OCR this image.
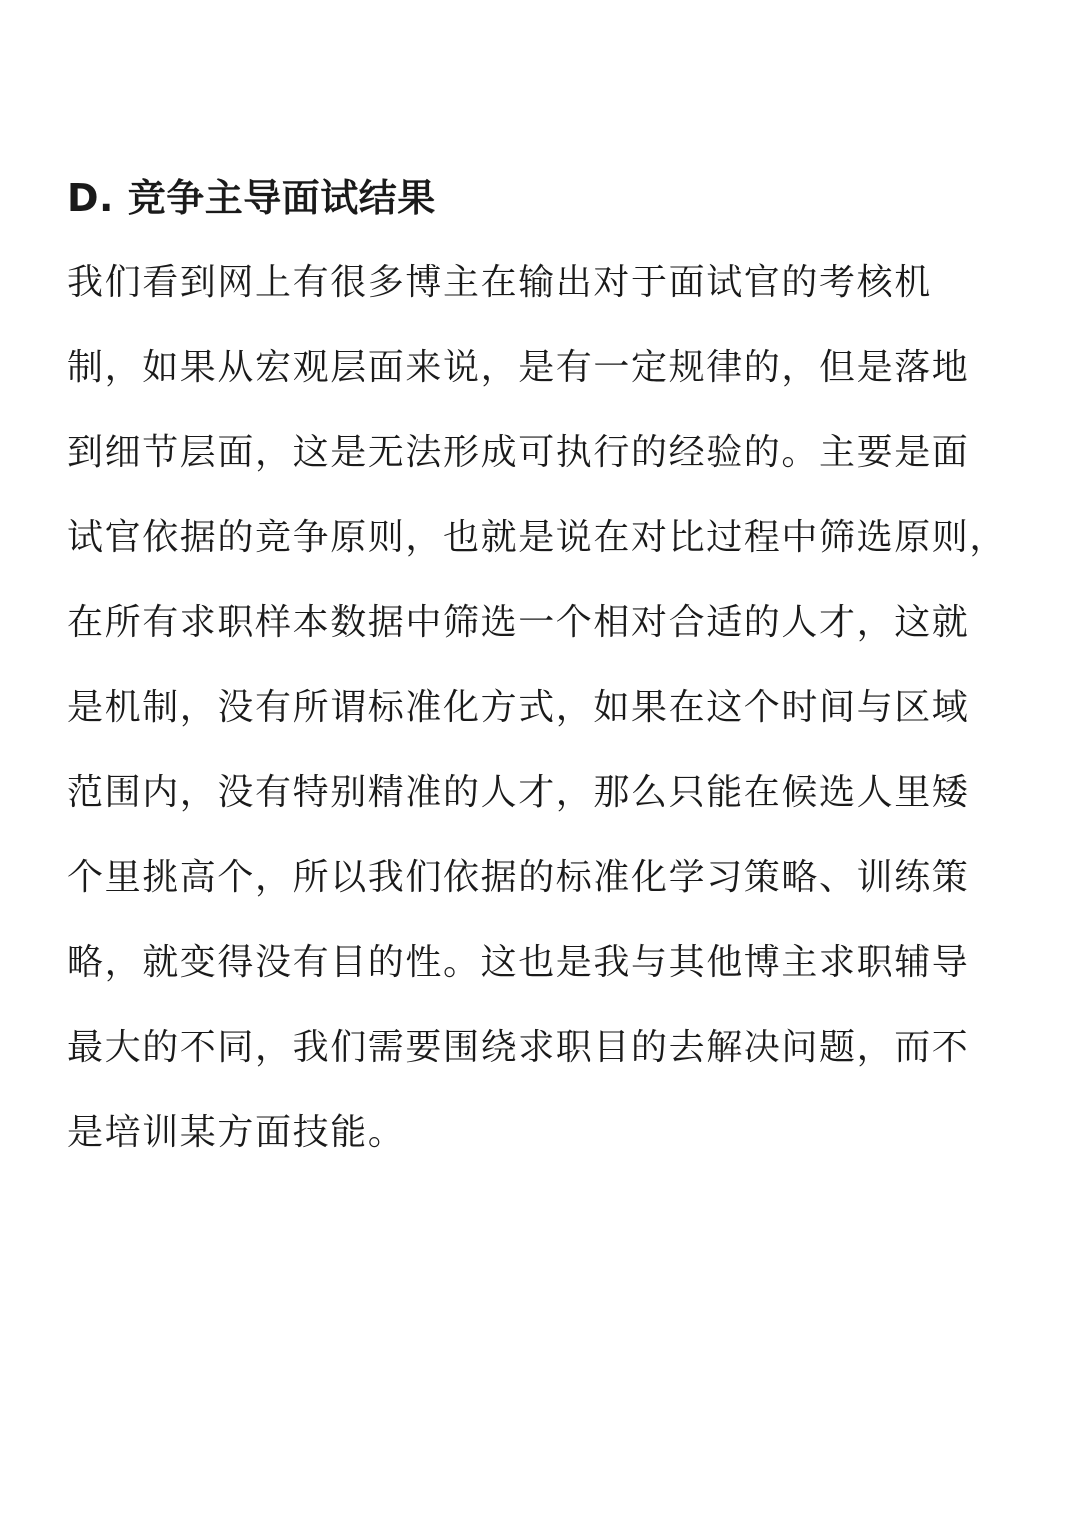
D. 竞争主导面试结果
我们看到网上有很多博主在输出对于面试官的考核机
制，如果从宏观层面来说，是有一定规律的，但是落地
到细节层面，这是无法形成可执行的经验的。主要是面
试官依据的竞争原则，也就是说在对比过程中筛选原则，
在所有求职样本数据中筛选一个相对合适的人才，这就
是机制，没有所谓标准化方式，如果在这个时间与区域
范围内，没有特别精准的人才，那么只能在候选人里矮
个里挑高个，所以我们依据的标准化学习策略、训练策
略，就变得没有目的性。这也是我与其他博主求职辅导
最大的不同，我们需要围绕求职目的去解决问题，而不
是培训某方面技能。
